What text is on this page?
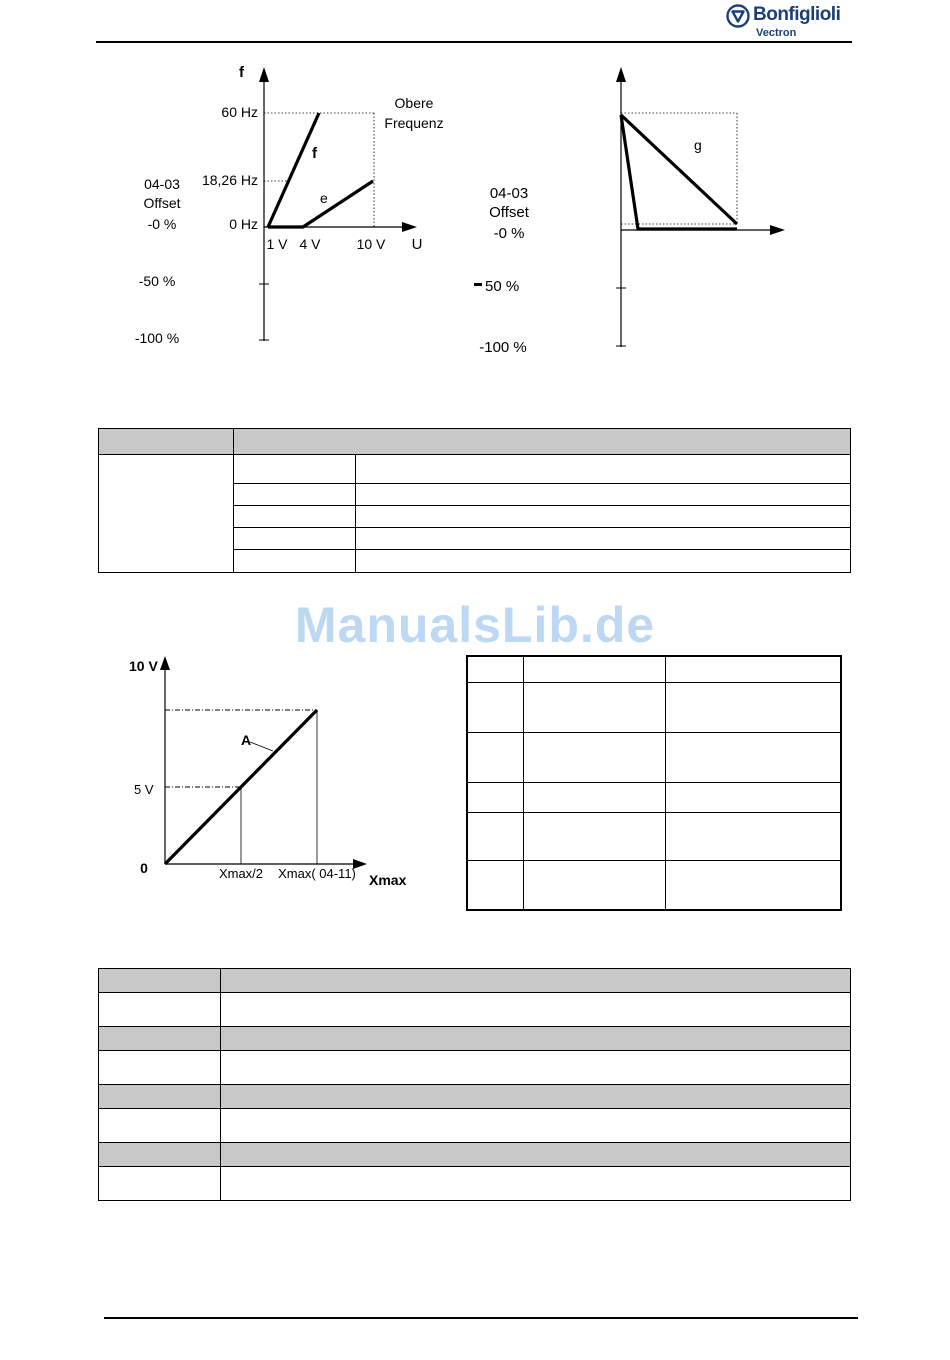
Bonfiglioli
Vectron
f
60 Hz
18,26 Hz
0 Hz
1 V 4 V	10 V U
f
e
Obere
Frequenz
04-03
Offset
-0 %
-50 %
-100 %
g
04-03
Offset
-0 %
50 %
-100 %

ManualsLib.de
10 V
5 V
0	Xmax/2 Xmax( 04-11) Xmax
A
